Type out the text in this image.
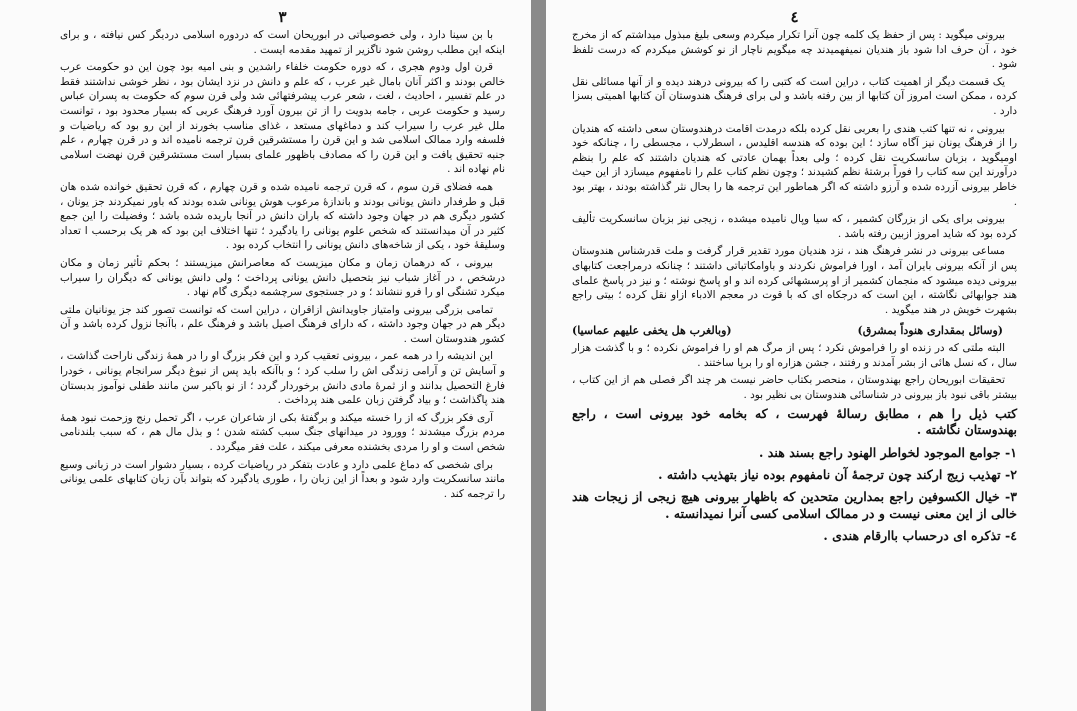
٣

با بن سینا دارد ، ولی خصوصیاتی در ابوریحان است که دردوره اسلامی دردیگر کس نیافته ، و برای اینکه این مطلب روشن شود ناگزیر از تمهید مقدمه ایست .

قرن اول ودوم هجری ، که دوره حکومت خلفاء راشدین و بنی امیه بود چون این دو حکومت عرب خالص بودند و اکثر آنان بامال غیر عرب ، که علم و دانش در نزد ایشان بود ، نظر خوشی نداشتند فقط در علم تفسیر ، احادیث ، لغت ، شعر عرب پیشرفتهائی شد ولی قرن سوم که حکومت به پسران عباس رسید و حکومت عربی ، جامه بدویت را از تن بیرون آورد فرهنگ عربی که بسیار محدود بود ، توانست ملل غیر عرب را سیراب کند و دماغهای مستعد ، غذای مناسب بخورند از این رو بود که ریاضیات و فلسفه وارد ممالک اسلامی شد و این قرن را مستشرقین قرن ترجمه نامیده اند و در قرن چهارم ، علم جنبه تحقیق یافت و این قرن را که مصادف باظهور علمای بسیار است مستشرقین قرن نهضت اسلامی نام نهاده اند .

همه فضلای قرن سوم ، که قرن ترجمه نامیده شده و قرن چهارم ، که قرن تحقیق خوانده شده هان قبل و طرفدار دانش یونانی بودند و باندازهٔ مرعوب هوش یونانی شده بودند که باور نمیکردند جز یونان ، کشور دیگری هم در جهان وجود داشته که باران دانش در آنجا باریده شده باشد ؛ وفضیلت را این جمع کثیر در آن میدانستند که شخص علوم یونانی را یادگیرد ؛ تنها اختلاف این بود که هر یک برحسب ا تعداد وسلیقهٔ خود ، یکی از شاخه‌های دانش یونانی را انتخاب کرده بود .

بیرونی ، که درهمان زمان و مکان میزیست که معاصرانش میزیستند ؛ بحکم تأثیر زمان و مکان درشخص ، در آغاز شباب نیز بتحصیل دانش یونانی پرداخت ؛ ولی دانش یونانی که دیگران را سیراب میکرد تشنگی او را فرو ننشاند ؛ و در جستجوی سرچشمه دیگری گام نهاد .

تمامی بزرگی بیرونی وامتیاز جاویدانش ازاقران ، دراین است که توانست تصور کند جز یونانیان ملتی دیگر هم در جهان وجود داشته ، که دارای فرهنگ اصیل باشد و فرهنگ علم ، باآنجا نزول کرده باشد و آن کشور هندوستان است .

این اندیشه را در همه عمر ، بیرونی تعقیب کرد و این فکر بزرگ او را در همهٔ زندگی ناراحت گذاشت ، و آسایش تن و آرامی زندگی اش را سلب کرد ؛ و باآنکه باید پس از نبوغ دیگر سرانجام یونانی ، خودرا فارغ التحصیل بدانند و از ثمرهٔ مادی دانش برخوردار گردد ؛ از نو باکبر سن مانند طفلی نوآموز بدبستان هند پاگذاشت ؛ و بیاد گرفتن زبان علمی هند پرداخت .

آری فکر بزرگ که از را خسته میکند و برگفتهٔ بکی از شاعران عرب ، اگر تحمل رنج وزحمت نبود همهٔ مردم بزرگ میشدند ؛ وورود در میدانهای جنگ سبب کشته شدن ؛ و بذل مال هم ، که سبب بلندنامی شخص است و او را مردی بخشنده معرفی میکند ، علت فقر میگردد .

برای شخصی که دماغ علمی دارد و عادت بتفکر در ریاضیات کرده ، بسیار دشوار است در زبانی وسیع مانند سانسکریت وارد شود و بعداً از این زبان را ، طوری یادگیرد که بتواند بآن زبان کتابهای علمی یونانی را ترجمه کند .

٤

بیرونی میگوید : پس از حفظ یک کلمه چون آنرا تکرار میکردم وسعی بلیغ مبذول میداشتم که از مخرج خود ، آن حرف ادا شود باز هندیان نمیفهمیدند چه میگویم ناچار از نو کوشش میکردم که درست تلفظ شود .

یک قسمت دیگر از اهمیت کتاب ، دراین است که کتبی را که بیرونی درهند دیده و از آنها مسائلی نقل کرده ، ممکن است امروز آن کتابها از بین رفته باشد و لی برای فرهنگ هندوستان آن کتابها اهمیتی بسزا دارد .

بیرونی ، نه تنها کتب هندی را بعربی نقل کرده بلکه درمدت اقامت درهندوستان سعی داشته که هندیان را از فرهنگ یونان نیز آگاه سازد ؛ این بوده که هندسه اقلیدس ، اسطرلاب ، مجسطی را ، چنانکه خود اومیگوید ، بزبان سانسکریت نقل کرده ؛ ولی بعداً بهمان عادتی که هندیان داشتند که علم را بنظم درآورند این سه کتاب را فوراً برشتهٔ نظم کشیدند ؛ وچون نظم کتاب علم را نامفهوم میسازد از این حیث خاطر بیرونی آزرده شده و آرزو داشته که اگر هماطور این ترجمه ها را بحال نثر گذاشته بودند ، بهتر بود .

بیرونی برای یکی از بزرگان کشمیر ، که سیا وپال نامیده میشده ، زیجی نیز بزبان سانسکریت تألیف کرده بود که شاید امروز ازبین رفته باشد .

مساعی بیرونی در نشر فرهنگ هند ، نزد هندیان مورد تقدیر قرار گرفت و ملت قدرشناس هندوستان پس از آنکه بیرونی بایران آمد ، اورا فراموش نکردند و باوامکاتباتی داشتند ؛ چنانکه درمراجعت کتابهای بیرونی دیده میشود که منجمان کشمیر از او پرسشهائی کرده اند و او پاسخ نوشته ؛ و نیز در پاسخ علمای هند جوابهائی نگاشته ، این است که درجکاه ای که با قوت در معجم الادباء ازاو نقل کرده ؛ بیتی راجع بشهرت خویش در هند میگوید .

(وسائل بمقداری هنوداً بمشرق)
(وبالغرب هل یخفی علیهم عماسیا)

البته ملتی که در زنده او را فراموش نکرد ؛ پس از مرگ هم او را فراموش نکرده ؛ و با گذشت هزار سال ، که نسل هائی از بشر آمدند و رفتند ، جشن هزاره او را برپا ساختند .

تحقیقات ابوریحان راجع بهندوستان ، منحصر بکتاب حاضر نیست هر چند اگر فصلی هم از این کتاب ، بیشتر باقی نبود باز بیرونی در شناسائی هندوستان بی نظیر بود .

کتب ذیل را هم ، مطابق رسالهٔ فهرست ، که بخامه خود بیرونی است ، راجع بهندوستان نگاشته .

١- جوامع الموجود لخواطر الهنود راجع بسند هند .

٢- تهذیب زیج ارکند چون ترجمهٔ آن نامفهوم بوده نیاز بتهذیب داشته .

٣- خیال الکسوفین راجع بمدارین متحدین که باظهار بیرونی هیچ زیجی از زیجات هند خالی از این معنی نیست و در ممالک اسلامی کسی آنرا نمیدانسته .

٤- تذکره ای درحساب باارقام هندی .
